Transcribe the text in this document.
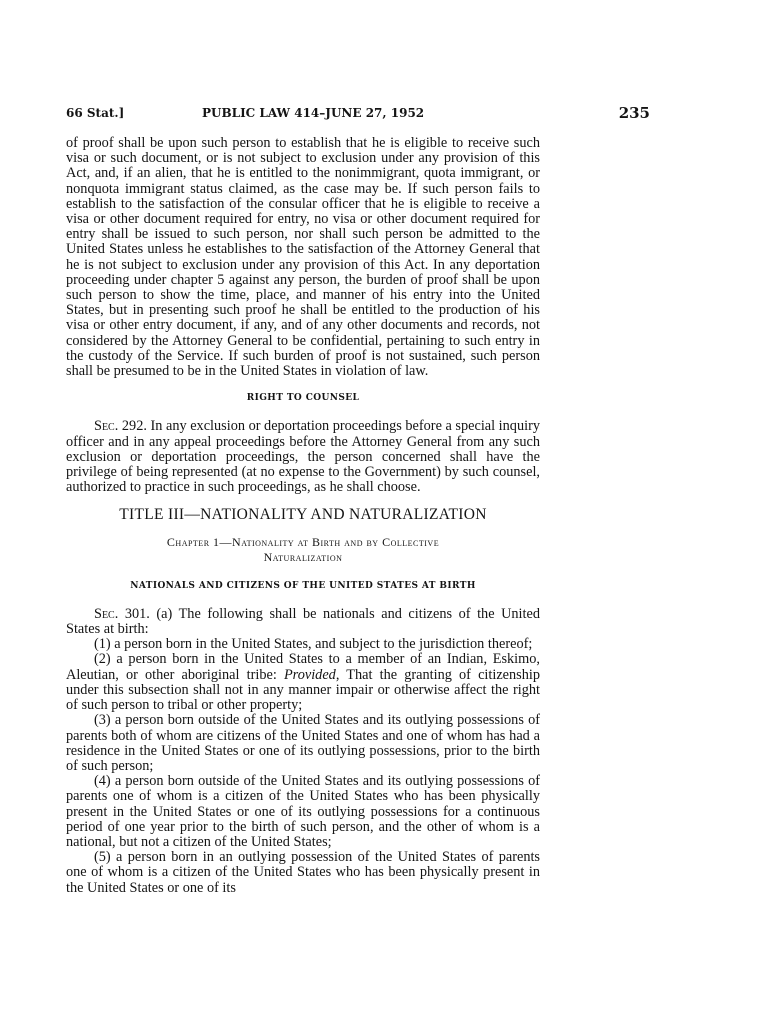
66 Stat.]	PUBLIC LAW 414–JUNE 27, 1952	235

of proof shall be upon such person to establish that he is eligible to receive such visa or such document, or is not subject to exclusion under any provision of this Act, and, if an alien, that he is entitled to the nonimmigrant, quota immigrant, or nonquota immigrant status claimed, as the case may be. If such person fails to establish to the satisfaction of the consular officer that he is eligible to receive a visa or other document required for entry, no visa or other document required for entry shall be issued to such person, nor shall such person be admitted to the United States unless he establishes to the satisfaction of the Attorney General that he is not subject to exclusion under any provision of this Act. In any deportation proceeding under chapter 5 against any person, the burden of proof shall be upon such person to show the time, place, and manner of his entry into the United States, but in presenting such proof he shall be entitled to the production of his visa or other entry document, if any, and of any other documents and records, not considered by the Attorney General to be confidential, pertaining to such entry in the custody of the Service. If such burden of proof is not sustained, such person shall be presumed to be in the United States in violation of law.

RIGHT TO COUNSEL

Sec. 292. In any exclusion or deportation proceedings before a special inquiry officer and in any appeal proceedings before the Attorney General from any such exclusion or deportation proceedings, the person concerned shall have the privilege of being represented (at no expense to the Government) by such counsel, authorized to practice in such proceedings, as he shall choose.

TITLE III—NATIONALITY AND NATURALIZATION
Chapter 1—Nationality at Birth and by Collective
Naturalization
NATIONALS AND CITIZENS OF THE UNITED STATES AT BIRTH

Sec. 301. (a) The following shall be nationals and citizens of the United States at birth:

(1) a person born in the United States, and subject to the jurisdiction thereof;

(2) a person born in the United States to a member of an Indian, Eskimo, Aleutian, or other aboriginal tribe: Provided, That the granting of citizenship under this subsection shall not in any manner impair or otherwise affect the right of such person to tribal or other property;

(3) a person born outside of the United States and its outlying possessions of parents both of whom are citizens of the United States and one of whom has had a residence in the United States or one of its outlying possessions, prior to the birth of such person;

(4) a person born outside of the United States and its outlying possessions of parents one of whom is a citizen of the United States who has been physically present in the United States or one of its outlying possessions for a continuous period of one year prior to the birth of such person, and the other of whom is a national, but not a citizen of the United States;

(5) a person born in an outlying possession of the United States of parents one of whom is a citizen of the United States who has been physically present in the United States or one of its
